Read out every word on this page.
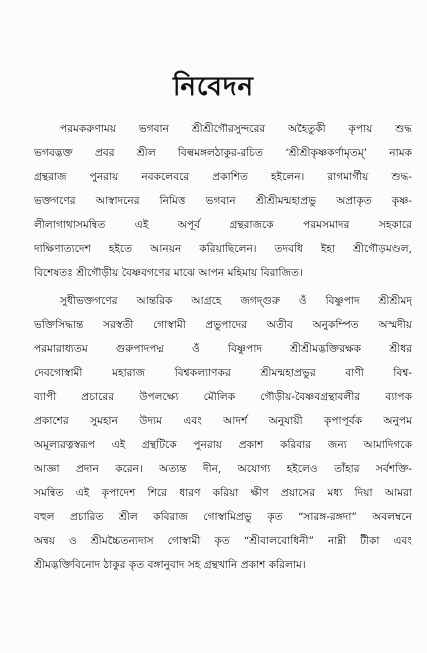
নিবেদন

পরমকরুণাময় ভগবান শ্রীশ্রীগৌরসুন্দরের অহৈতুকী কৃপায় শুদ্ধ
ভগবদ্ভক্ত প্রবর শ্রীল বিল্বমঙ্গলঠাকুর-রচিত ‘শ্রীশ্রীকৃষ্ণকর্ণামৃতম্’ নামক
গ্রন্থরাজ পুনরায় নবকলেবরে প্রকাশিত হইলেন। রাগমার্গীয় শুদ্ধ-
ভক্তগণের আস্বাদনের নিমিত্ত ভগবান শ্রীশ্রীমন্মহাপ্রভু অপ্রাকৃত কৃষ্ণ-
লীলাগাথাসমন্বিত এই অপূর্ব গ্রন্থরাজকে পরমসমাদর সহকারে
দাক্ষিণাত্যদেশ হইতে আনয়ন করিয়াছিলেন। তদবধি ইহা শ্রীগৌড়মণ্ডল,
বিশেষতঃ শ্রীগৌড়ীয় বৈষ্ণবগণের মাঝে আপন মহিমায় বিরাজিত।

সুধীভক্তগণের আন্তরিক আগ্রহে জগদ্গুরু ওঁ বিষ্ণুপাদ শ্রীশ্রীমদ্
ভক্তিসিদ্ধান্ত সরস্বতী গোস্বামী প্রভুপাদের অতীব অনুকম্পিত অস্মদীয়
পরমারাধ্যতম গুরুপাদপদ্ম ওঁ বিষ্ণুপাদ শ্রীশ্রীমদ্ভক্তিরক্ষক শ্রীধর
দেবগোস্বামী মহারাজ বিশ্বকল্যাণকর শ্রীমন্মহাপ্রভুর বাণী বিশ্ব-
ব্যাপী প্রচারের উপলক্ষ্যে মৌলিক গৌড়ীয়-বৈষ্ণবগ্রন্থাবলীর ব্যাপক
প্রকাশের সুমহান উদ্যম এবং আদর্শ অনুযায়ী কৃপাপূর্বক অনুপম
অমূল্যরত্নস্বরূপ এই গ্রন্থটিকে পুনরায় প্রকাশ করিবার জন্য আমাদিগকে
আজ্ঞা প্রদান করেন। অত্যন্ত দীন, অযোগ্য হইলেও তাঁহার সর্বশক্তি-
সমন্বিত এই কৃপাদেশ শিরে ধারণ করিয়া ক্ষীণ প্রয়াসের মধ্য দিয়া আমরা
বহুল প্রচারিত শ্রীল কবিরাজ গোস্বামিপ্রভু কৃত “সারঙ্গ-রঙ্গদা” অবলম্বনে
অন্বয় ও শ্রীমচ্চৈতন্যদাস গোস্বামী কৃত “শ্রীবালবোধিনী” নাম্নী টীকা এবং
শ্রীমদ্ভক্তিবিনোদ ঠাকুর কৃত বঙ্গানুবাদ সহ গ্রন্থখানি প্রকাশ করিলাম।
